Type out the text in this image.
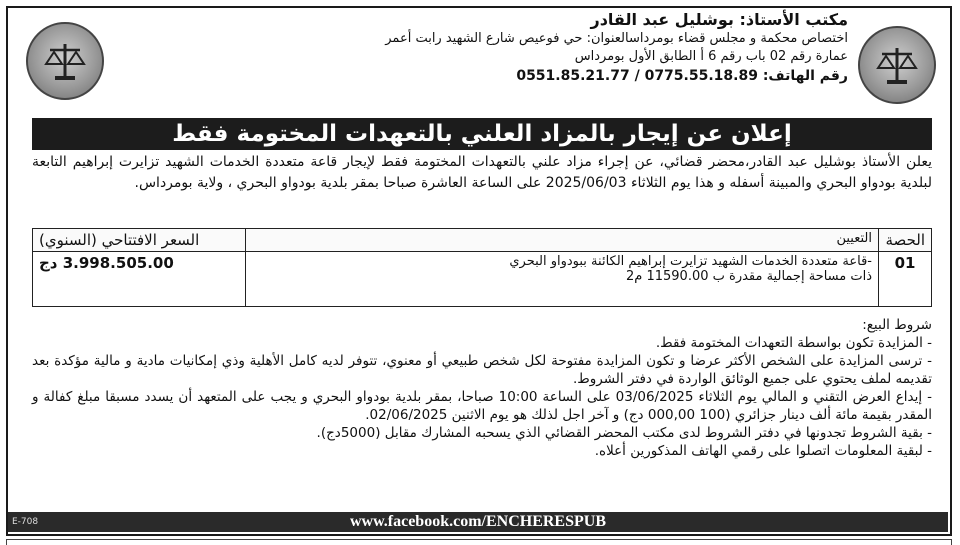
مكتب الأستاذ: بوشليل عبد القادر
اختصاص محكمة و مجلس قضاء بومرداسالعنوان: حي فوعيص شارع الشهيد رابت أعمر
عمارة رقم 02 باب رقم 6 أ الطابق الأول بومرداس
رقم الهاتف: 0775.55.18.89 / 0551.85.21.77
إعلان عن إيجار بالمزاد العلني بالتعهدات المختومة فقط
يعلن الأستاذ بوشليل عبد القادر،محضر قضائي، عن إجراء مزاد علني بالتعهدات المختومة فقط لإيجار قاعة متعددة الخدمات الشهيد تزايرت إبراهيم التابعة لبلدية بودواو البحري والمبينة أسفله و هذا يوم الثلاثاء 2025/06/03 على الساعة العاشرة صباحا بمقر بلدية بودواو البحري ، ولاية بومرداس.
الحصة	التعيين	السعر الافتتاحي (السنوي)
01	-قاعة متعددة الخدمات الشهيد تزايرت إبراهيم الكائنة ببودواو البحري
ذات مساحة إجمالية مقدرة ب 11590.00 م2	3.998.505.00 دج

شروط البيع:

- المزايدة تكون بواسطة التعهدات المختومة فقط.

- ترسى المزايدة على الشخص الأكثر عرضا و تكون المزايدة مفتوحة لكل شخص طبيعي أو معنوي، تتوفر لديه كامل الأهلية وذي إمكانيات مادية و مالية مؤكدة بعد تقديمه لملف يحتوي على جميع الوثائق الواردة في دفتر الشروط.

- إيداع العرض التقني و المالي يوم الثلاثاء 03/06/2025 على الساعة 10:00 صباحا، بمقر بلدية بودواو البحري و يجب على المتعهد أن يسدد مسبقا مبلغ كفالة و المقدر بقيمة مائة ألف دينار جزائري (100 000,00 دج) و آخر اجل لذلك هو يوم الاثنين 02/06/2025.

- بقية الشروط تجدونها في دفتر الشروط لدى مكتب المحضر القضائي الذي يسحبه المشارك مقابل (5000دج).

- لبقية المعلومات اتصلوا على رقمي الهاتف المذكورين أعلاه.

www.facebook.com/ENCHERESPUB
E-708
